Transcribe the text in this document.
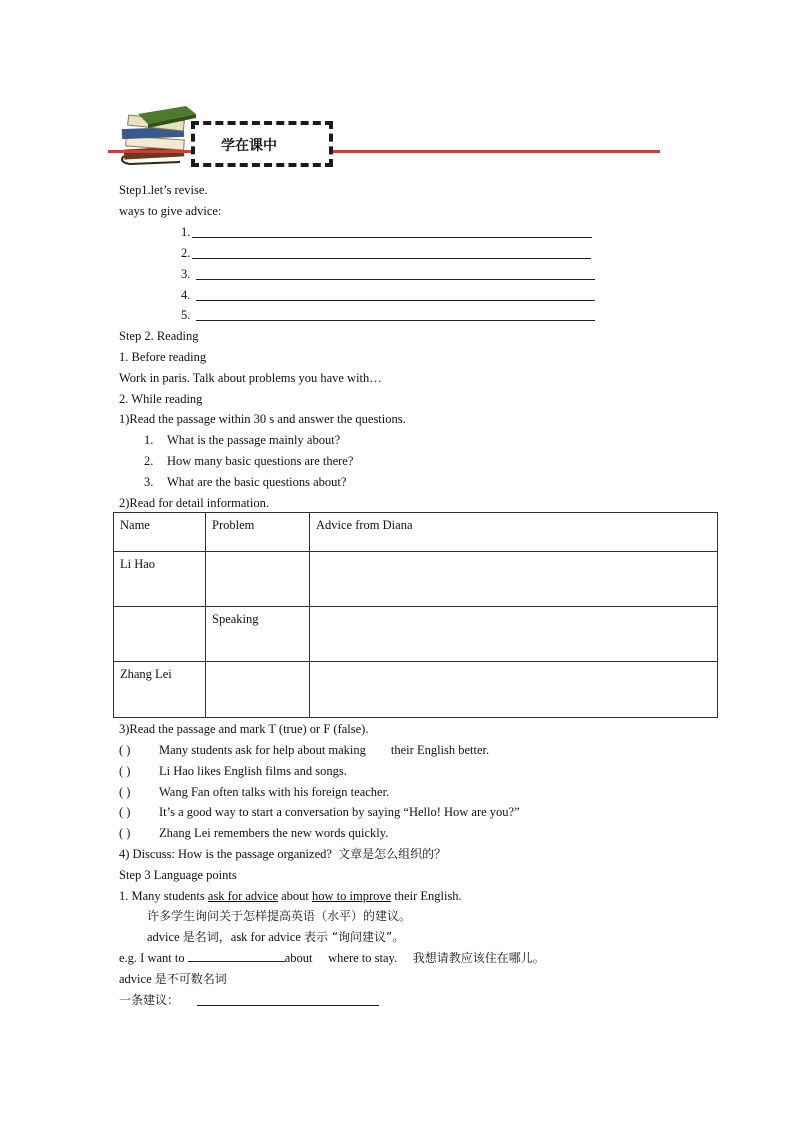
学在课中
Step1.let’s revise.
ways to give advice:
1.
2.
3.
4.
5.
Step 2. Reading
1. Before reading
Work in paris. Talk about problems you have with…
2. While reading
1)Read the passage within 30 s and answer the questions.
1. What is the passage mainly about?
2. How many basic questions are there?
3. What are the basic questions about?
2)Read for detail information.
Name	Problem	Advice from Diana
Li Hao		
	Speaking	
Zhang Lei		
3)Read the passage and mark T (true) or F (false).
( ) Many students ask for help about making        their English better.
( ) Li Hao likes English films and songs.
( ) Wang Fan often talks with his foreign teacher.
( ) It’s a good way to start a conversation by saying “Hello! How are you?”
( ) Zhang Lei remembers the new words quickly.
4) Discuss: How is the passage organized?  文章是怎么组织的？
Step 3 Language points
1. Many students ask for advice about how to improve their English.
许多学生询问关于怎样提高英语（水平）的建议。
advice 是名词，ask for advice 表示 “询问建议”。
e.g. I want to	about     where to stay.     我想请教应该住在哪儿。
advice 是不可数名词
一条建议：
